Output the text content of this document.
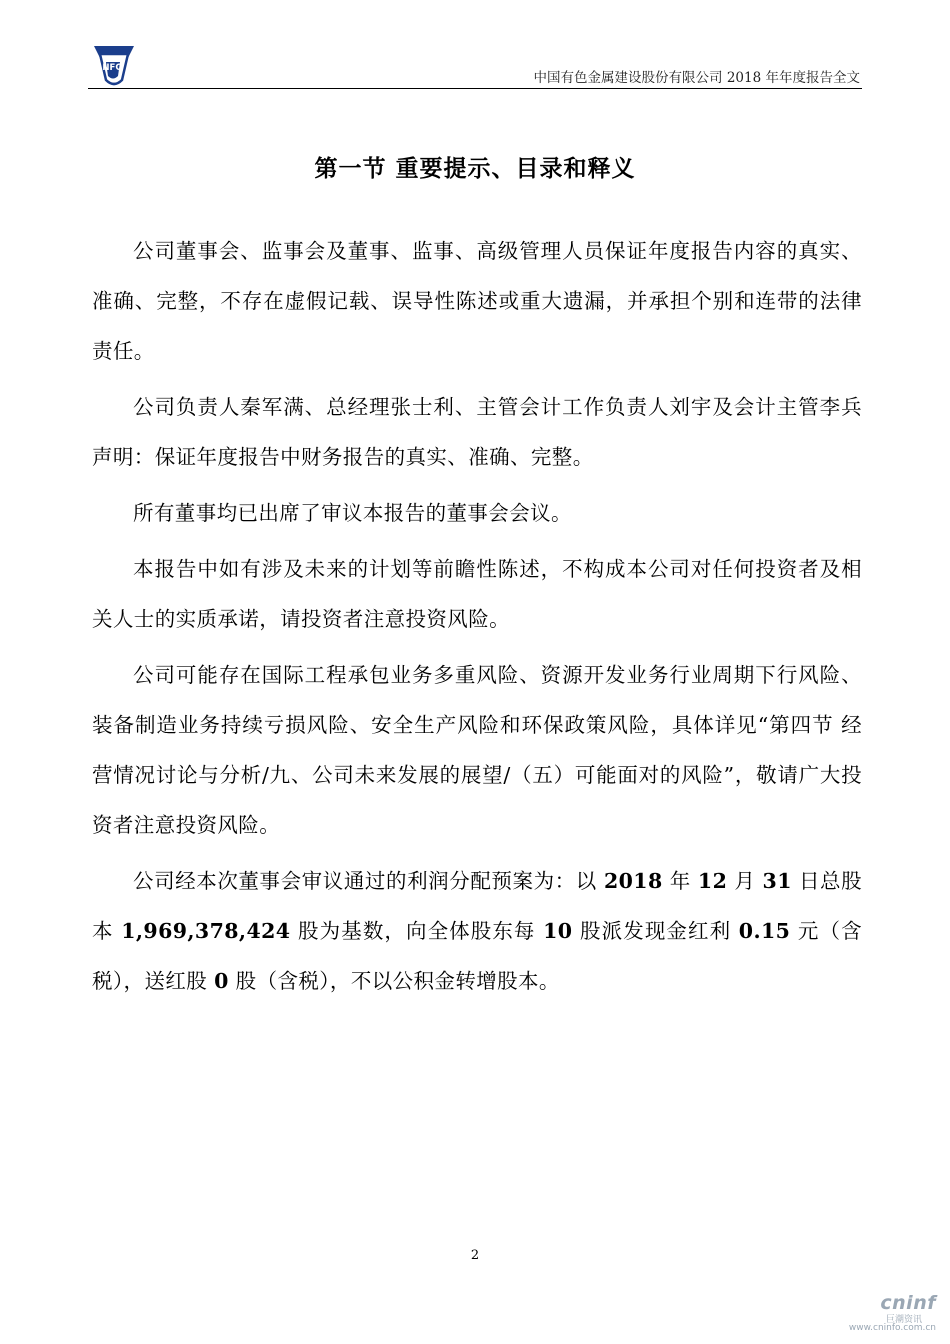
NFC
中国有色金属建设股份有限公司 2018 年年度报告全文
第一节 重要提示、目录和释义

公司董事会、监事会及董事、监事、高级管理人员保证年度报告内容的真实、准确、完整，不存在虚假记载、误导性陈述或重大遗漏，并承担个别和连带的法律责任。

公司负责人秦军满、总经理张士利、主管会计工作负责人刘宇及会计主管李兵声明：保证年度报告中财务报告的真实、准确、完整。

所有董事均已出席了审议本报告的董事会会议。

本报告中如有涉及未来的计划等前瞻性陈述，不构成本公司对任何投资者及相关人士的实质承诺，请投资者注意投资风险。

公司可能存在国际工程承包业务多重风险、资源开发业务行业周期下行风险、装备制造业务持续亏损风险、安全生产风险和环保政策风险，具体详见“第四节 经营情况讨论与分析/九、公司未来发展的展望/（五）可能面对的风险”，敬请广大投资者注意投资风险。

公司经本次董事会审议通过的利润分配预案为：以 2018 年 12 月 31 日总股本 1,969,378,424 股为基数，向全体股东每 10 股派发现金红利 0.15 元（含税），送红股 0 股（含税），不以公积金转增股本。

2
cninf
巨潮资讯
www.cninfo.com.cn
